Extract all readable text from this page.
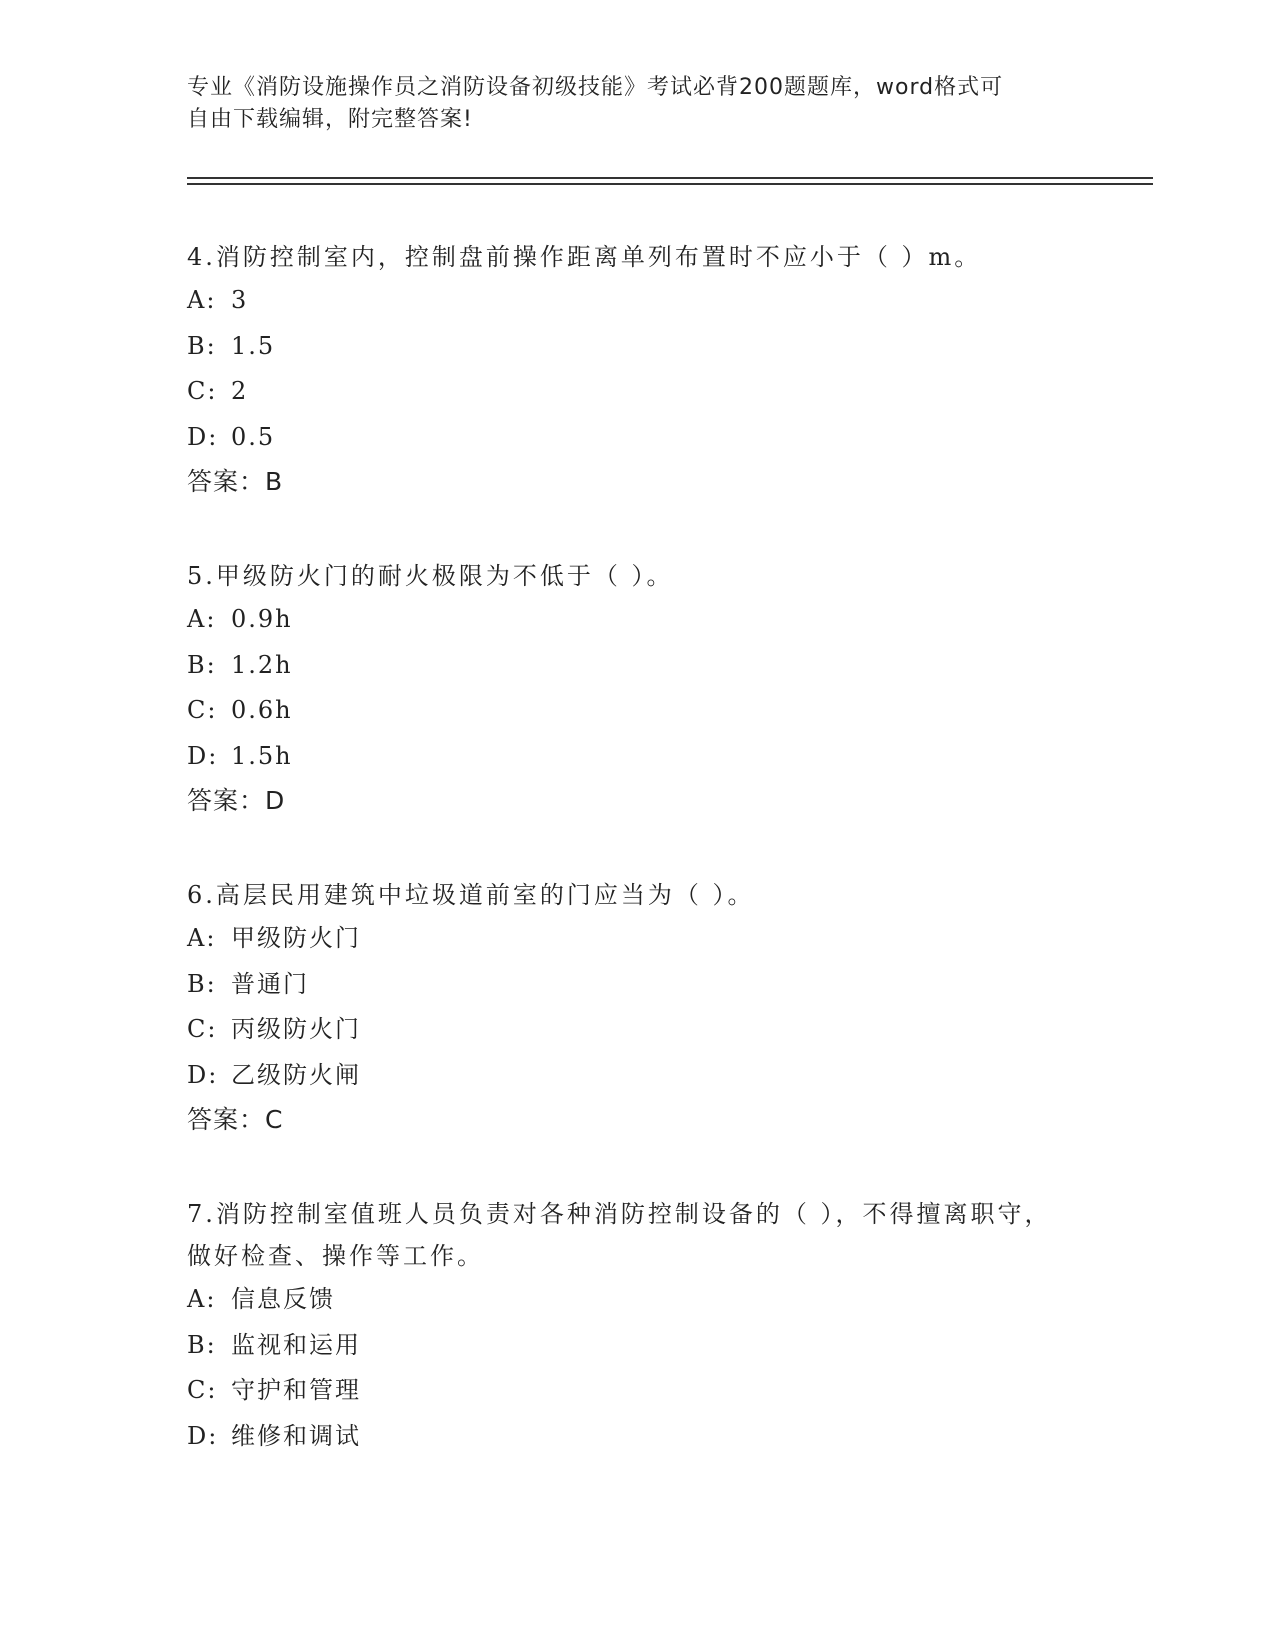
专业《消防设施操作员之消防设备初级技能》考试必背200题题库，word格式可
自由下载编辑，附完整答案!

4.消防控制室内，控制盘前操作距离单列布置时不应小于（ ）m。

A: 3
B: 1.5
C: 2
D: 0.5
答案：B

5.甲级防火门的耐火极限为不低于（ ）。

A: 0.9h
B: 1.2h
C: 0.6h
D: 1.5h
答案：D

6.高层民用建筑中垃圾道前室的门应当为（ ）。

A: 甲级防火门
B: 普通门
C: 丙级防火门
D: 乙级防火闸
答案：C

7.消防控制室值班人员负责对各种消防控制设备的（ ），不得擅离职守，做好检查、操作等工作。

A: 信息反馈
B: 监视和运用
C: 守护和管理
D: 维修和调试
